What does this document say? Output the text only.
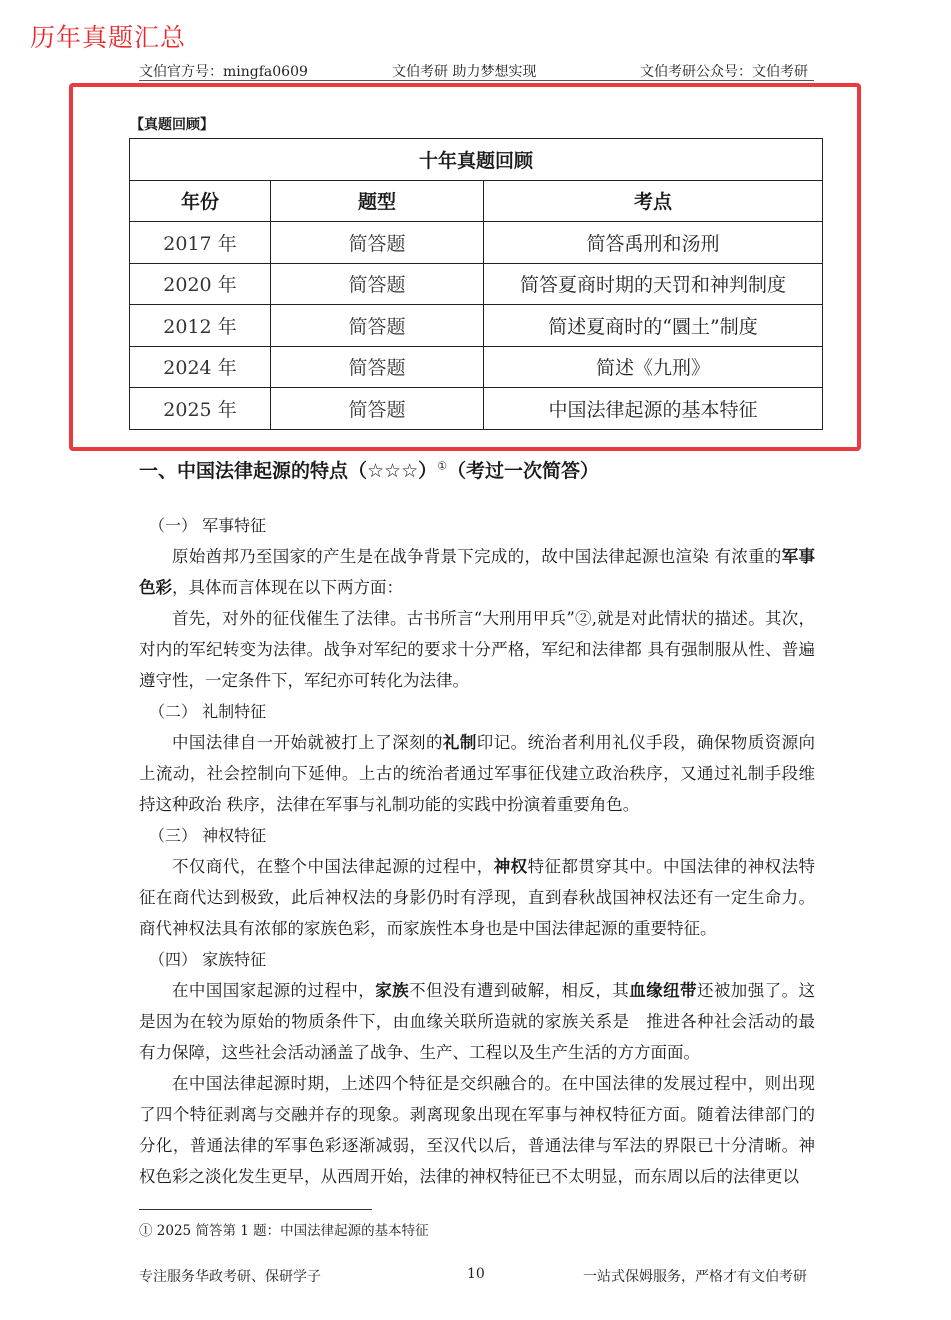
历年真题汇总
文伯官方号：mingfa0609	文伯考研 助力梦想实现	文伯考研公众号：文伯考研
【真题回顾】
十年真题回顾		
年份	题型	考点
2017 年	简答题	简答禹刑和汤刑
2020 年	简答题	简答夏商时期的天罚和神判制度
2012 年	简答题	简述夏商时的“圜土”制度
2024 年	简答题	简述《九刑》
2025 年	简答题	中国法律起源的基本特征
一、中国法律起源的特点（☆☆☆）①（考过一次简答）

（一） 军事特征

原始酋邦乃至国家的产生是在战争背景下完成的，故中国法律起源也渲染 有浓重的军事色彩，具体而言体现在以下两方面：

首先，对外的征伐催生了法律。古书所言“大刑用甲兵”②,就是对此情状的描述。其次，对内的军纪转变为法律。战争对军纪的要求十分严格，军纪和法律都 具有强制服从性、普遍遵守性，一定条件下，军纪亦可转化为法律。

（二） 礼制特征

中国法律自一开始就被打上了深刻的礼制印记。统治者利用礼仪手段，确保物质资源向上流动，社会控制向下延伸。上古的统治者通过军事征伐建立政治秩序，又通过礼制手段维持这种政治 秩序，法律在军事与礼制功能的实践中扮演着重要角色。

（三） 神权特征

不仅商代，在整个中国法律起源的过程中，神权特征都贯穿其中。中国法律的神权法特征在商代达到极致，此后神权法的身影仍时有浮现，直到春秋战国神权法还有一定生命力。商代神权法具有浓郁的家族色彩，而家族性本身也是中国法律起源的重要特征。

（四） 家族特征

在中国国家起源的过程中，家族不但没有遭到破解，相反，其血缘纽带还被加强了。这是因为在较为原始的物质条件下，由血缘关联所造就的家族关系是　推进各种社会活动的最有力保障，这些社会活动涵盖了战争、生产、工程以及生产生活的方方面面。

在中国法律起源时期，上述四个特征是交织融合的。在中国法律的发展过程中，则出现了四个特征剥离与交融并存的现象。剥离现象出现在军事与神权特征方面。随着法律部门的分化，普通法律的军事色彩逐渐减弱，至汉代以后，普通法律与军法的界限已十分清晰。神权色彩之淡化发生更早，从西周开始，法律的神权特征已不太明显，而东周以后的法律更以

① 2025 简答第 1 题：中国法律起源的基本特征
专注服务华政考研、保研学子	10	一站式保姆服务，严格才有文伯考研
